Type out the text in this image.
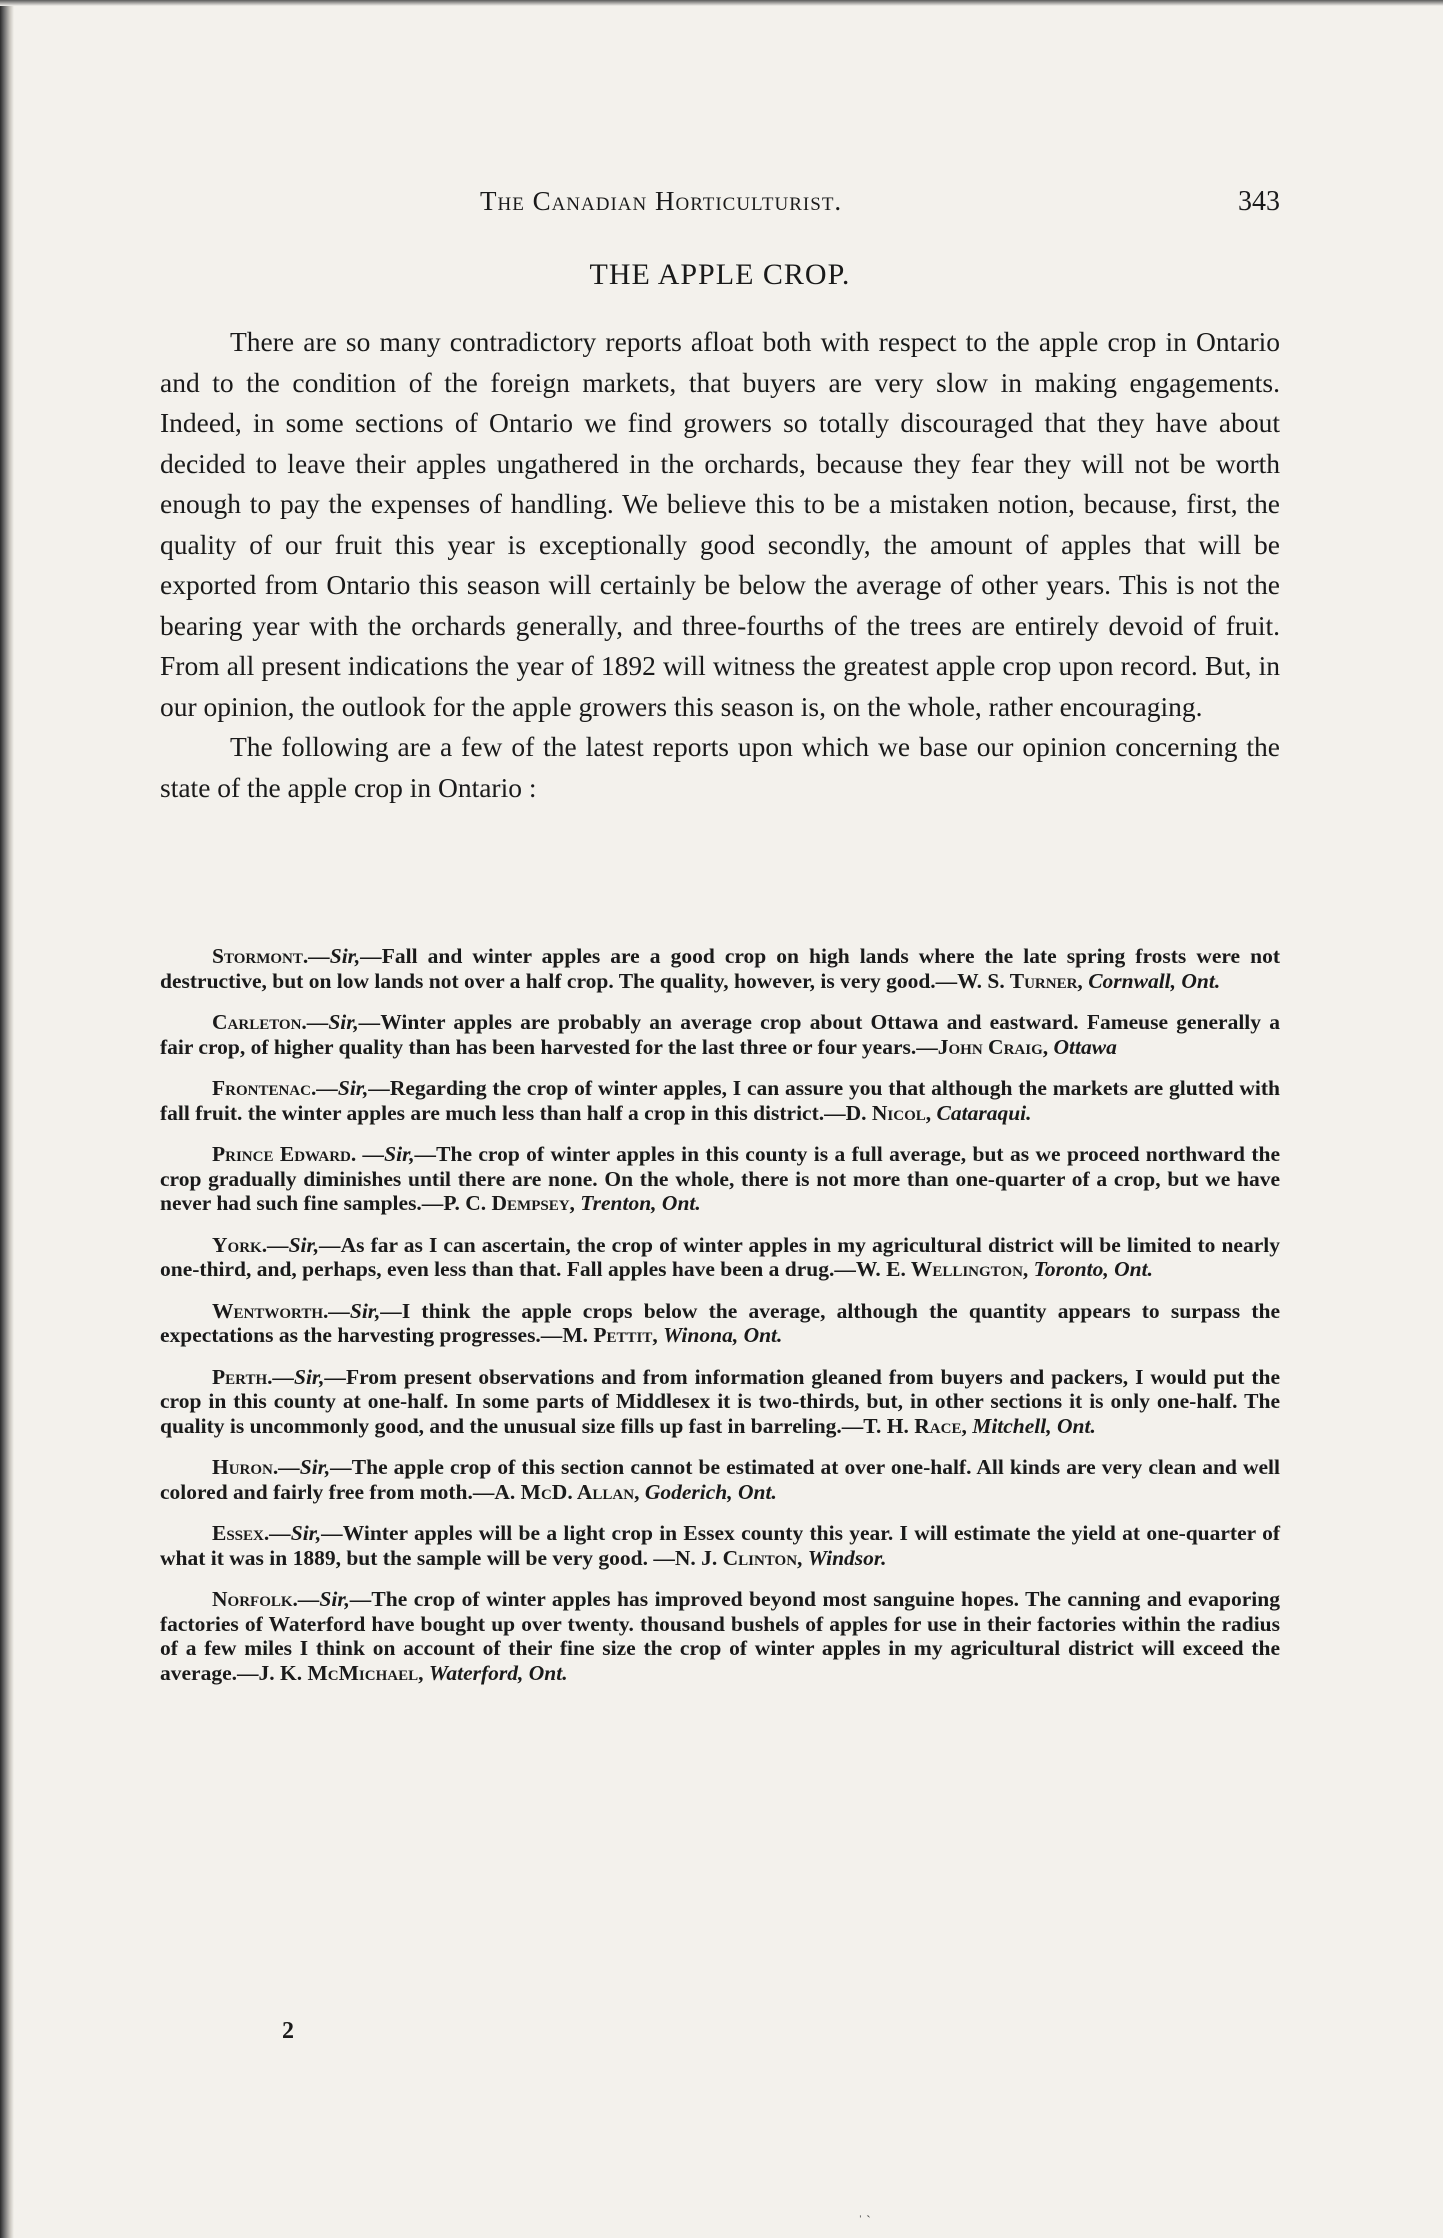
The Canadian Horticulturist.	343
THE APPLE CROP.

There are so many contradictory reports afloat both with respect to the apple crop in Ontario and to the condition of the foreign markets, that buyers are very slow in making engagements. Indeed, in some sections of Ontario we find growers so totally discouraged that they have about decided to leave their apples ungathered in the orchards, because they fear they will not be worth enough to pay the expenses of handling. We believe this to be a mistaken notion, because, first, the quality of our fruit this year is exceptionally good secondly, the amount of apples that will be exported from Ontario this season will certainly be below the average of other years. This is not the bearing year with the orchards generally, and three-fourths of the trees are entirely devoid of fruit. From all present indications the year of 1892 will witness the greatest apple crop upon record. But, in our opinion, the outlook for the apple growers this season is, on the whole, rather encouraging.

The following are a few of the latest reports upon which we base our opinion concerning the state of the apple crop in Ontario :

Stormont.—Sir,—Fall and winter apples are a good crop on high lands where the late spring frosts were not destructive, but on low lands not over a half crop. The quality, however, is very good.—W. S. Turner, Cornwall, Ont.

Carleton.—Sir,—Winter apples are probably an average crop about Ottawa and eastward. Fameuse generally a fair crop, of higher quality than has been harvested for the last three or four years.—John Craig, Ottawa

Frontenac.—Sir,—Regarding the crop of winter apples, I can assure you that although the markets are glutted with fall fruit. the winter apples are much less than half a crop in this district.—D. Nicol, Cataraqui.

Prince Edward. —Sir,—The crop of winter apples in this county is a full average, but as we proceed northward the crop gradually diminishes until there are none. On the whole, there is not more than one-quarter of a crop, but we have never had such fine samples.—P. C. Dempsey, Trenton, Ont.

York.—Sir,—As far as I can ascertain, the crop of winter apples in my agricultural district will be limited to nearly one-third, and, perhaps, even less than that. Fall apples have been a drug.—W. E. Wellington, Toronto, Ont.

Wentworth.—Sir,—I think the apple crops below the average, although the quantity appears to surpass the expectations as the harvesting progresses.—M. Pettit, Winona, Ont.

Perth.—Sir,—From present observations and from information gleaned from buyers and packers, I would put the crop in this county at one-half. In some parts of Middlesex it is two-thirds, but, in other sections it is only one-half. The quality is uncommonly good, and the unusual size fills up fast in barreling.—T. H. Race, Mitchell, Ont.

Huron.—Sir,—The apple crop of this section cannot be estimated at over one-half. All kinds are very clean and well colored and fairly free from moth.—A. McD. Allan, Goderich, Ont.

Essex.—Sir,—Winter apples will be a light crop in Essex county this year. I will estimate the yield at one-quarter of what it was in 1889, but the sample will be very good. —N. J. Clinton, Windsor.

Norfolk.—Sir,—The crop of winter apples has improved beyond most sanguine hopes. The canning and evaporing factories of Waterford have bought up over twenty. thousand bushels of apples for use in their factories within the radius of a few miles I think on account of their fine size the crop of winter apples in my agricultural district will exceed the average.—J. K. McMichael, Waterford, Ont.

2
ˈ ˋ
